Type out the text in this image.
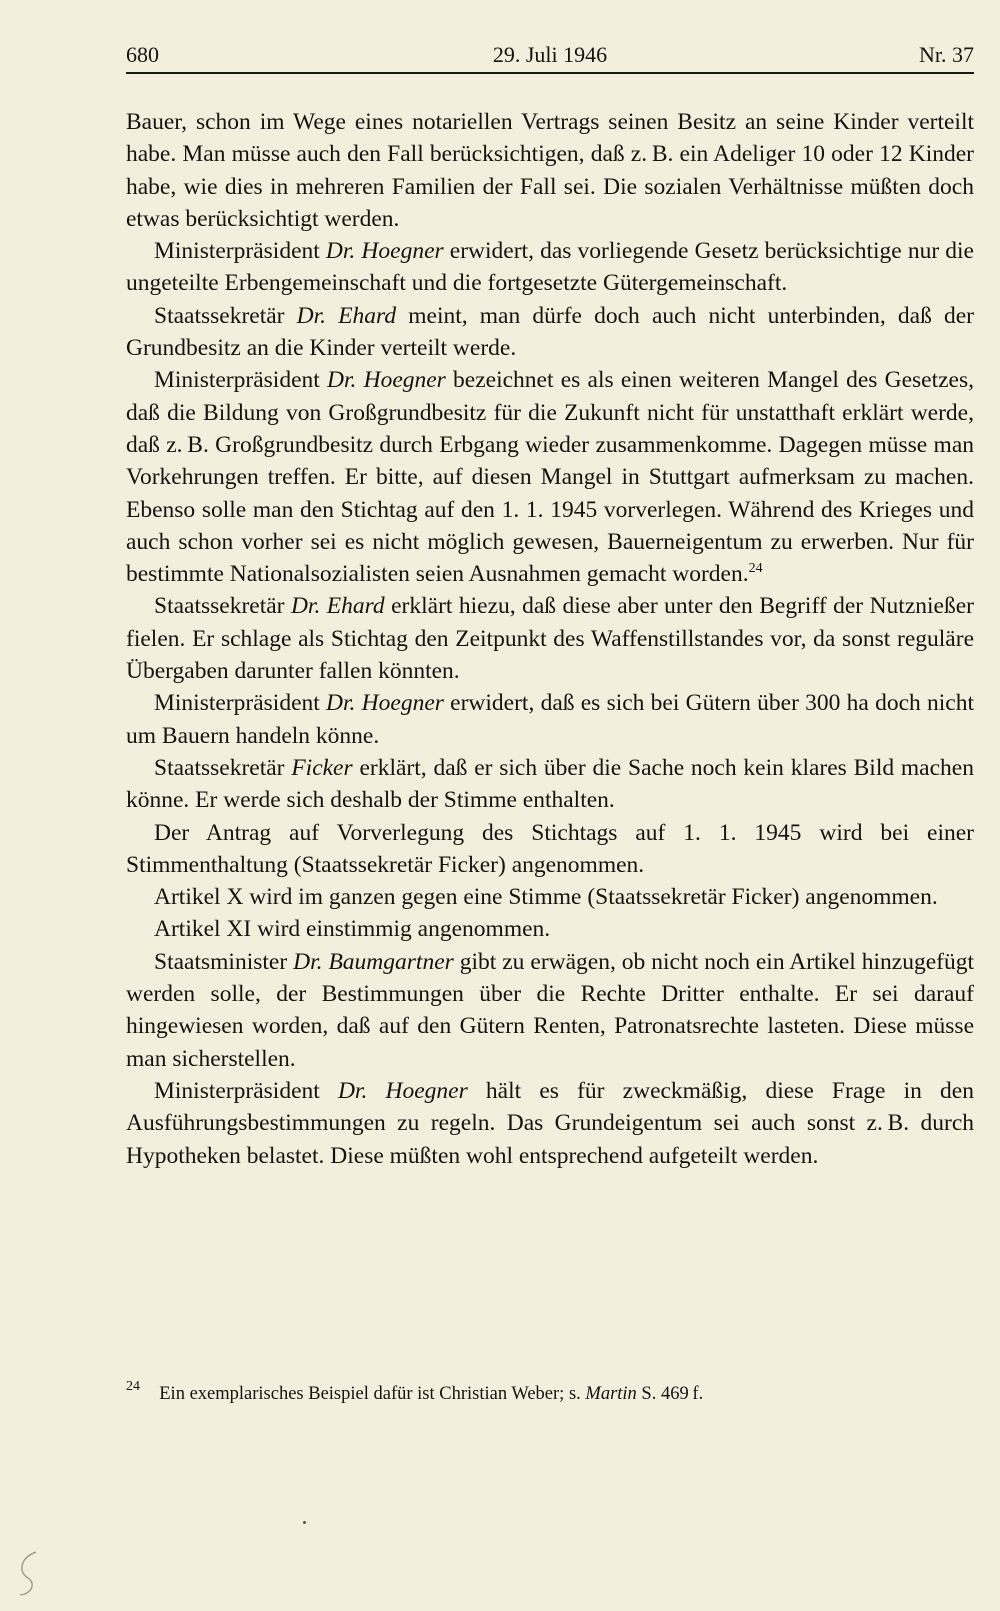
680	29. Juli 1946	Nr. 37

Bauer, schon im Wege eines notariellen Vertrags seinen Besitz an seine Kinder verteilt habe. Man müsse auch den Fall berücksichtigen, daß z. B. ein Adeliger 10 oder 12 Kinder habe, wie dies in mehreren Familien der Fall sei. Die sozialen Verhältnisse müßten doch etwas berücksichtigt werden.

Ministerpräsident Dr. Hoegner erwidert, das vorliegende Gesetz berücksichtige nur die ungeteilte Erbengemeinschaft und die fortgesetzte Gütergemeinschaft.

Staatssekretär Dr. Ehard meint, man dürfe doch auch nicht unterbinden, daß der Grundbesitz an die Kinder verteilt werde.

Ministerpräsident Dr. Hoegner bezeichnet es als einen weiteren Mangel des Gesetzes, daß die Bildung von Großgrundbesitz für die Zukunft nicht für unstatthaft erklärt werde, daß z. B. Großgrundbesitz durch Erbgang wieder zusammenkomme. Dagegen müsse man Vorkehrungen treffen. Er bitte, auf diesen Mangel in Stuttgart aufmerksam zu machen. Ebenso solle man den Stichtag auf den 1. 1. 1945 vorverlegen. Während des Krieges und auch schon vorher sei es nicht möglich gewesen, Bauerneigentum zu erwerben. Nur für bestimmte Nationalsozialisten seien Ausnahmen gemacht worden.$^{24}$

Staatssekretär Dr. Ehard erklärt hiezu, daß diese aber unter den Begriff der Nutznießer fielen. Er schlage als Stichtag den Zeitpunkt des Waffenstillstandes vor, da sonst reguläre Übergaben darunter fallen könnten.

Ministerpräsident Dr. Hoegner erwidert, daß es sich bei Gütern über 300 ha doch nicht um Bauern handeln könne.

Staatssekretär Ficker erklärt, daß er sich über die Sache noch kein klares Bild machen könne. Er werde sich deshalb der Stimme enthalten.

Der Antrag auf Vorverlegung des Stichtags auf 1. 1. 1945 wird bei einer Stimmenthaltung (Staatssekretär Ficker) angenommen.

Artikel X wird im ganzen gegen eine Stimme (Staatssekretär Ficker) angenommen.

Artikel XI wird einstimmig angenommen.

Staatsminister Dr. Baumgartner gibt zu erwägen, ob nicht noch ein Artikel hinzugefügt werden solle, der Bestimmungen über die Rechte Dritter enthalte. Er sei darauf hingewiesen worden, daß auf den Gütern Renten, Patronatsrechte lasteten. Diese müsse man sicherstellen.

Ministerpräsident Dr. Hoegner hält es für zweckmäßig, diese Frage in den Ausführungsbestimmungen zu regeln. Das Grundeigentum sei auch sonst z. B. durch Hypotheken belastet. Diese müßten wohl entsprechend aufgeteilt werden.

$^{24}$ Ein exemplarisches Beispiel dafür ist Christian Weber; s. Martin S. 469 f.
